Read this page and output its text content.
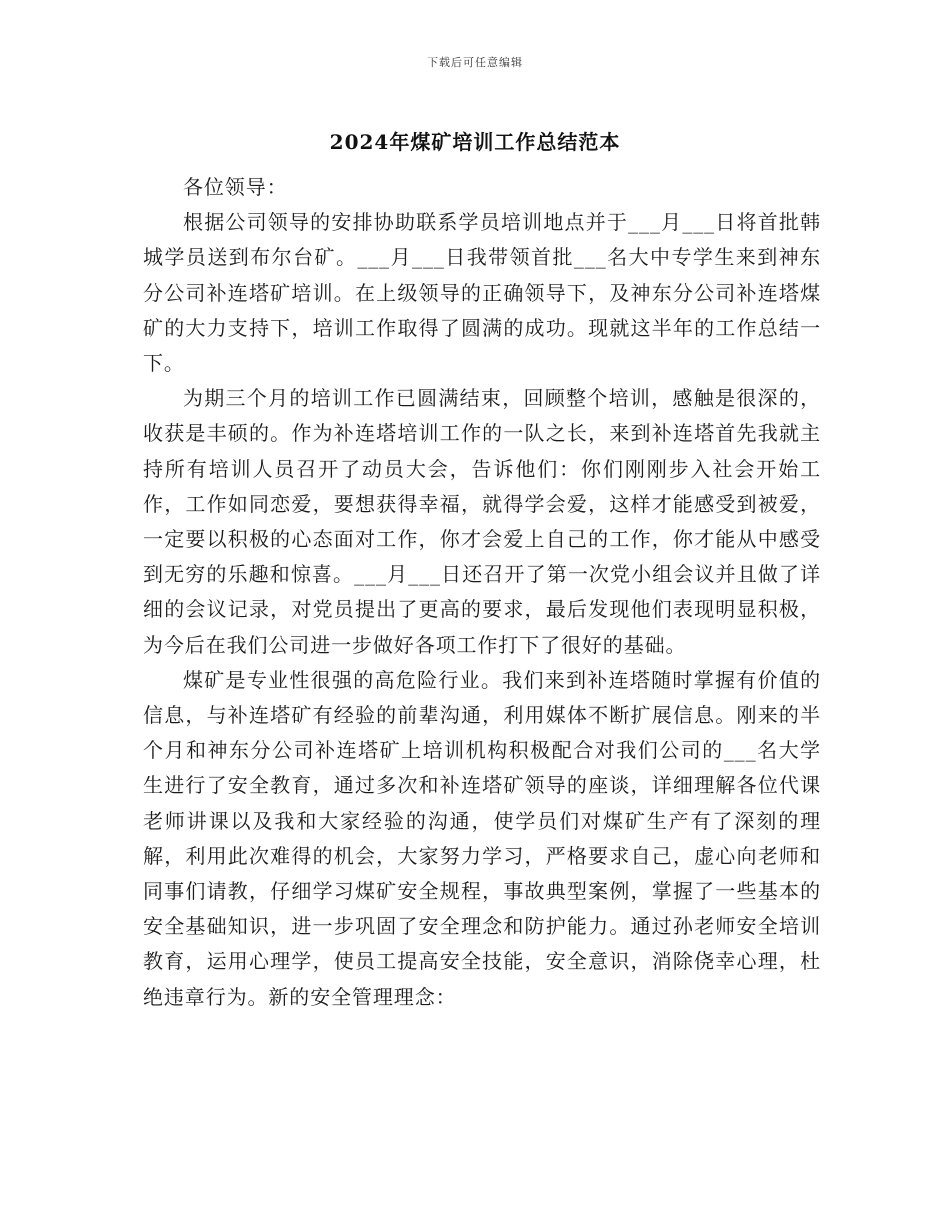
下载后可任意编辑
2024年煤矿培训工作总结范本

各位领导：

根据公司领导的安排协助联系学员培训地点并于___月___日将首批韩城学员送到布尔台矿。___月___日我带领首批___名大中专学生来到神东分公司补连塔矿培训。在上级领导的正确领导下，及神东分公司补连塔煤矿的大力支持下，培训工作取得了圆满的成功。现就这半年的工作总结一下。

为期三个月的培训工作已圆满结束，回顾整个培训，感触是很深的，收获是丰硕的。作为补连塔培训工作的一队之长，来到补连塔首先我就主持所有培训人员召开了动员大会，告诉他们：你们刚刚步入社会开始工作，工作如同恋爱，要想获得幸福，就得学会爱，这样才能感受到被爱，一定要以积极的心态面对工作，你才会爱上自己的工作，你才能从中感受到无穷的乐趣和惊喜。___月___日还召开了第一次党小组会议并且做了详细的会议记录，对党员提出了更高的要求，最后发现他们表现明显积极，为今后在我们公司进一步做好各项工作打下了很好的基础。

煤矿是专业性很强的高危险行业。我们来到补连塔随时掌握有价值的信息，与补连塔矿有经验的前辈沟通，利用媒体不断扩展信息。刚来的半个月和神东分公司补连塔矿上培训机构积极配合对我们公司的___名大学生进行了安全教育，通过多次和补连塔矿领导的座谈，详细理解各位代课老师讲课以及我和大家经验的沟通，使学员们对煤矿生产有了深刻的理解，利用此次难得的机会，大家努力学习，严格要求自己，虚心向老师和同事们请教，仔细学习煤矿安全规程，事故典型案例，掌握了一些基本的安全基础知识，进一步巩固了安全理念和防护能力。通过孙老师安全培训教育，运用心理学，使员工提高安全技能，安全意识，消除侥幸心理，杜绝违章行为。新的安全管理理念：
